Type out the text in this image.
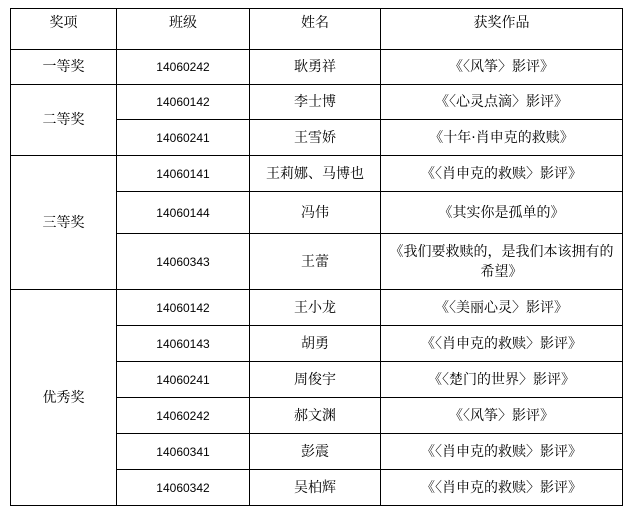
奖项	班级	姓名	获奖作品
一等奖	14060242	耿勇祥	《〈风筝〉影评》
二等奖	14060142	李士博	《〈心灵点滴〉影评》
	14060241	王雪娇	《十年·肖申克的救赎》
三等奖	14060141	王莉娜、马博也	《〈肖申克的救赎〉影评》
	14060144	冯伟	《其实你是孤单的》
	14060343	王蕾	《我们要救赎的，是我们本该拥有的希望》
优秀奖	14060142	王小龙	《〈美丽心灵〉影评》
	14060143	胡勇	《〈肖申克的救赎〉影评》
	14060241	周俊宇	《〈楚门的世界〉影评》
	14060242	郝文渊	《〈风筝〉影评》
	14060341	彭震	《〈肖申克的救赎〉影评》
	14060342	吴柏辉	《〈肖申克的救赎〉影评》
